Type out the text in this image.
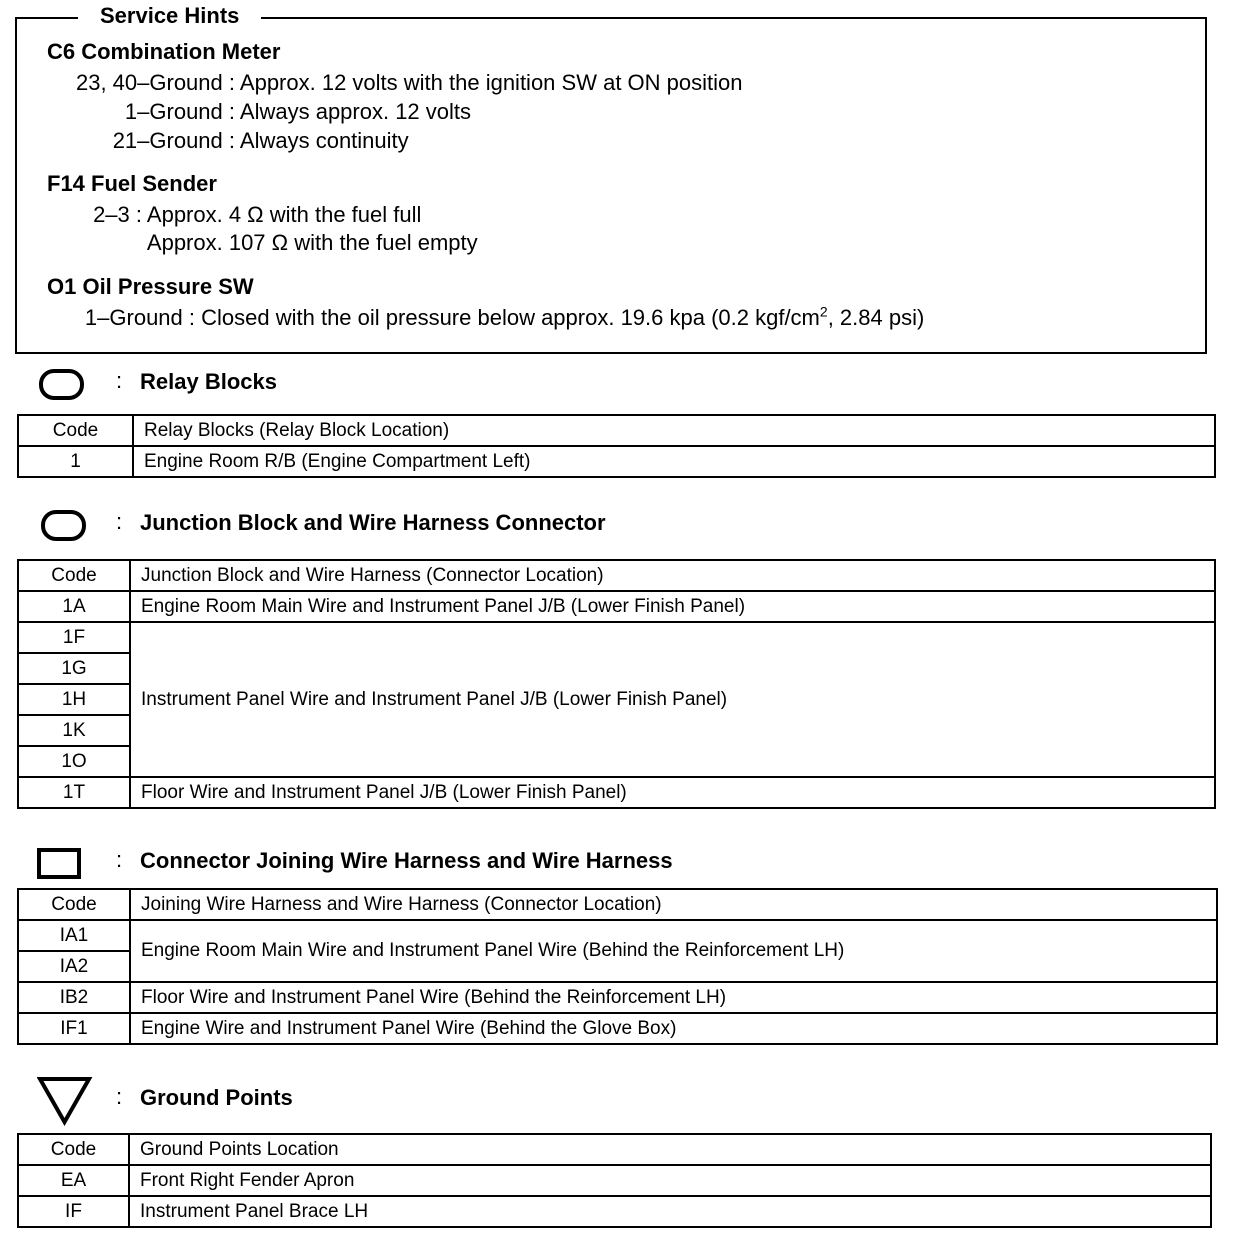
Service Hints
C6 Combination Meter
23, 40–Ground : Approx. 12 volts with the ignition SW at ON position
1–Ground : Always approx. 12 volts
21–Ground : Always continuity
F14 Fuel Sender
2–3 : Approx. 4 Ω with the fuel full
Approx. 107 Ω with the fuel empty
O1 Oil Pressure SW
1–Ground : Closed with the oil pressure below approx. 19.6 kpa (0.2 kgf/$cm^2$, 2.84 psi)
: Relay Blocks
Code	Relay Blocks (Relay Block Location)
1	Engine Room R/B (Engine Compartment Left)
: Junction Block and Wire Harness Connector
Code	Junction Block and Wire Harness (Connector Location)
1A	Engine Room Main Wire and Instrument Panel J/B (Lower Finish Panel)
1F	Instrument Panel Wire and Instrument Panel J/B (Lower Finish Panel)
1G	
1H	
1K	
1O	
1T	Floor Wire and Instrument Panel J/B (Lower Finish Panel)
: Connector Joining Wire Harness and Wire Harness
Code	Joining Wire Harness and Wire Harness (Connector Location)
IA1	Engine Room Main Wire and Instrument Panel Wire (Behind the Reinforcement LH)
IA2	
IB2	Floor Wire and Instrument Panel Wire (Behind the Reinforcement LH)
IF1	Engine Wire and Instrument Panel Wire (Behind the Glove Box)
: Ground Points
Code	Ground Points Location
EA	Front Right Fender Apron
IF	Instrument Panel Brace LH
